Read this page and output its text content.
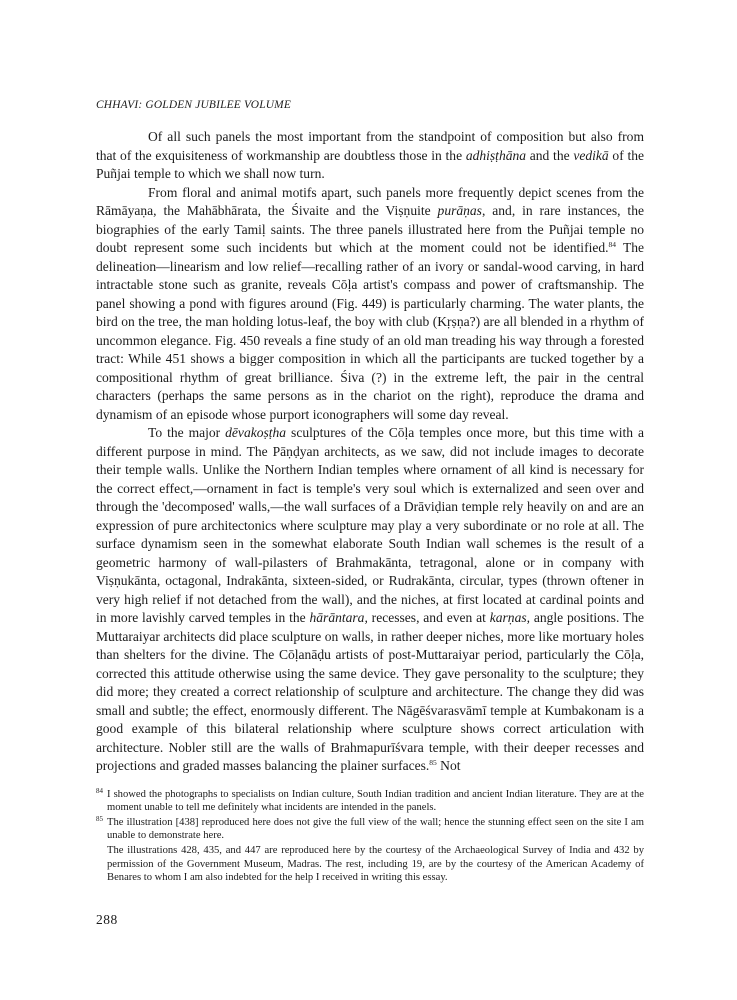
CHHAVI: GOLDEN JUBILEE VOLUME

Of all such panels the most important from the standpoint of composition but also from that of the exquisiteness of workmanship are doubtless those in the adhiṣṭhāna and the vedikā of the Puñjai temple to which we shall now turn.

From floral and animal motifs apart, such panels more frequently depict scenes from the Rāmāyaṇa, the Mahābhārata, the Śivaite and the Viṣṇuite purāṇas, and, in rare instances, the biographies of the early Tamiḷ saints. The three panels illustrated here from the Puñjai temple no doubt represent some such incidents but which at the moment could not be identified.$^{84}$ The delineation—linearism and low relief—recalling rather of an ivory or sandal-wood carving, in hard intractable stone such as granite, reveals Cōḷa artist's compass and power of craftsmanship. The panel showing a pond with figures around (Fig. 449) is particularly charming. The water plants, the bird on the tree, the man holding lotus-leaf, the boy with club (Kṛṣṇa?) are all blended in a rhythm of uncommon elegance. Fig. 450 reveals a fine study of an old man treading his way through a forested tract: While 451 shows a bigger composition in which all the participants are tucked together by a compositional rhythm of great brilliance. Śiva (?) in the extreme left, the pair in the central characters (perhaps the same persons as in the chariot on the right), reproduce the drama and dynamism of an episode whose purport iconographers will some day reveal.

To the major dēvakoṣṭha sculptures of the Cōḷa temples once more, but this time with a different purpose in mind. The Pāṇḍyan architects, as we saw, did not include images to decorate their temple walls. Unlike the Northern Indian temples where ornament of all kind is necessary for the correct effect,—ornament in fact is temple's very soul which is externalized and seen over and through the 'decomposed' walls,—the wall surfaces of a Drāviḍian temple rely heavily on and are an expression of pure architectonics where sculpture may play a very subordinate or no role at all. The surface dynamism seen in the somewhat elaborate South Indian wall schemes is the result of a geometric harmony of wall-pilasters of Brahmakānta, tetragonal, alone or in company with Viṣṇukānta, octagonal, Indrakānta, sixteen-sided, or Rudrakānta, circular, types (thrown oftener in very high relief if not detached from the wall), and the niches, at first located at cardinal points and in more lavishly carved temples in the hārāntara, recesses, and even at karṇas, angle positions. The Muttaraiyar architects did place sculpture on walls, in rather deeper niches, more like mortuary holes than shelters for the divine. The Cōḷanāḍu artists of post-Muttaraiyar period, particularly the Cōḷa, corrected this attitude otherwise using the same device. They gave personality to the sculpture; they did more; they created a correct relationship of sculpture and architecture. The change they did was small and subtle; the effect, enormously different. The Nāgēśvarasvāmī temple at Kumbakonam is a good example of this bilateral relationship where sculpture shows correct articulation with architecture. Nobler still are the walls of Brahmapurīśvara temple, with their deeper recesses and projections and graded masses balancing the plainer surfaces.$^{85}$ Not

84 I showed the photographs to specialists on Indian culture, South Indian tradition and ancient Indian literature. They are at the moment unable to tell me definitely what incidents are intended in the panels.
85 The illustration [438] reproduced here does not give the full view of the wall; hence the stunning effect seen on the site I am unable to demonstrate here.
The illustrations 428, 435, and 447 are reproduced here by the courtesy of the Archaeological Survey of India and 432 by permission of the Government Museum, Madras. The rest, including 19, are by the courtesy of the American Academy of Benares to whom I am also indebted for the help I received in writing this essay.
288
